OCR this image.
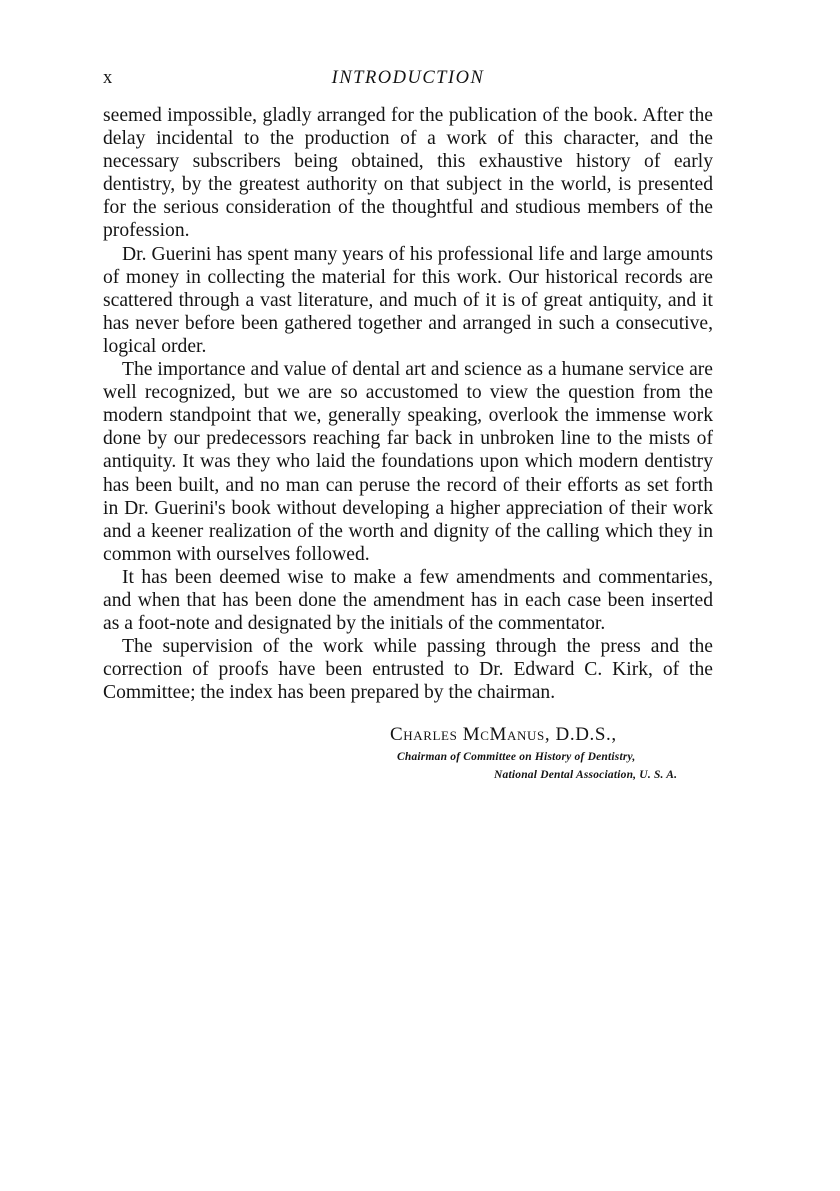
x	INTRODUCTION

seemed impossible, gladly arranged for the publication of the book. After the delay incidental to the production of a work of this character, and the necessary subscribers being obtained, this exhaustive history of early dentistry, by the greatest authority on that subject in the world, is presented for the serious consideration of the thoughtful and studious members of the profession.

Dr. Guerini has spent many years of his professional life and large amounts of money in collecting the material for this work. Our historical records are scattered through a vast literature, and much of it is of great antiquity, and it has never before been gathered together and arranged in such a consecutive, logical order.

The importance and value of dental art and science as a humane service are well recognized, but we are so accustomed to view the question from the modern standpoint that we, generally speaking, overlook the immense work done by our predecessors reaching far back in unbroken line to the mists of antiquity. It was they who laid the foundations upon which modern dentistry has been built, and no man can peruse the record of their efforts as set forth in Dr. Guerini's book without developing a higher appreciation of their work and a keener realization of the worth and dignity of the calling which they in common with ourselves followed.

It has been deemed wise to make a few amendments and commentaries, and when that has been done the amendment has in each case been inserted as a foot-note and designated by the initials of the commentator.

The supervision of the work while passing through the press and the correction of proofs have been entrusted to Dr. Edward C. Kirk, of the Committee; the index has been prepared by the chairman.

Charles McManus, D.D.S.,
Chairman of Committee on History of Dentistry,
National Dental Association, U. S. A.
